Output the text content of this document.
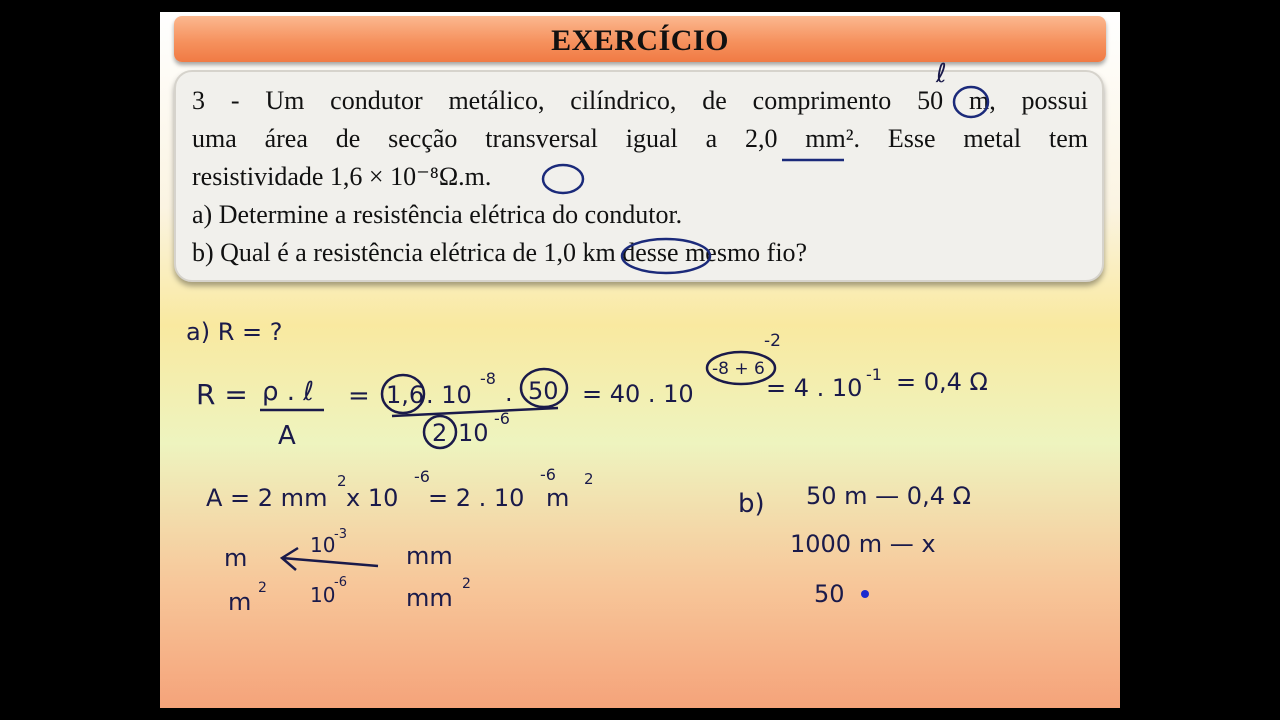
EXERCÍCIO
3 - Um condutor metálico, cilíndrico, de comprimento 50 m, possui
uma área de secção transversal igual a 2,0 mm². Esse metal tem
resistividade 1,6 × 10⁻⁸Ω.m.
a) Determine a resistência elétrica do condutor.
b) Qual é a resistência elétrica de 1,0 km desse mesmo fio?
ℓ
a) R = ?
R = ρ . ℓ
A
= 1,6 . 10
-8
. 50
2 10
-6
= 40 . 10
-8 + 6
-2
= 4 . 10 -1 = 0,4 Ω
A = 2 mm
2
x 10
-6
= 2 . 10
-6
m
2
m
m 2
10
-3
10
-6
mm
mm 2
b) 50 m — 0,4 Ω
1000 m — x
50
